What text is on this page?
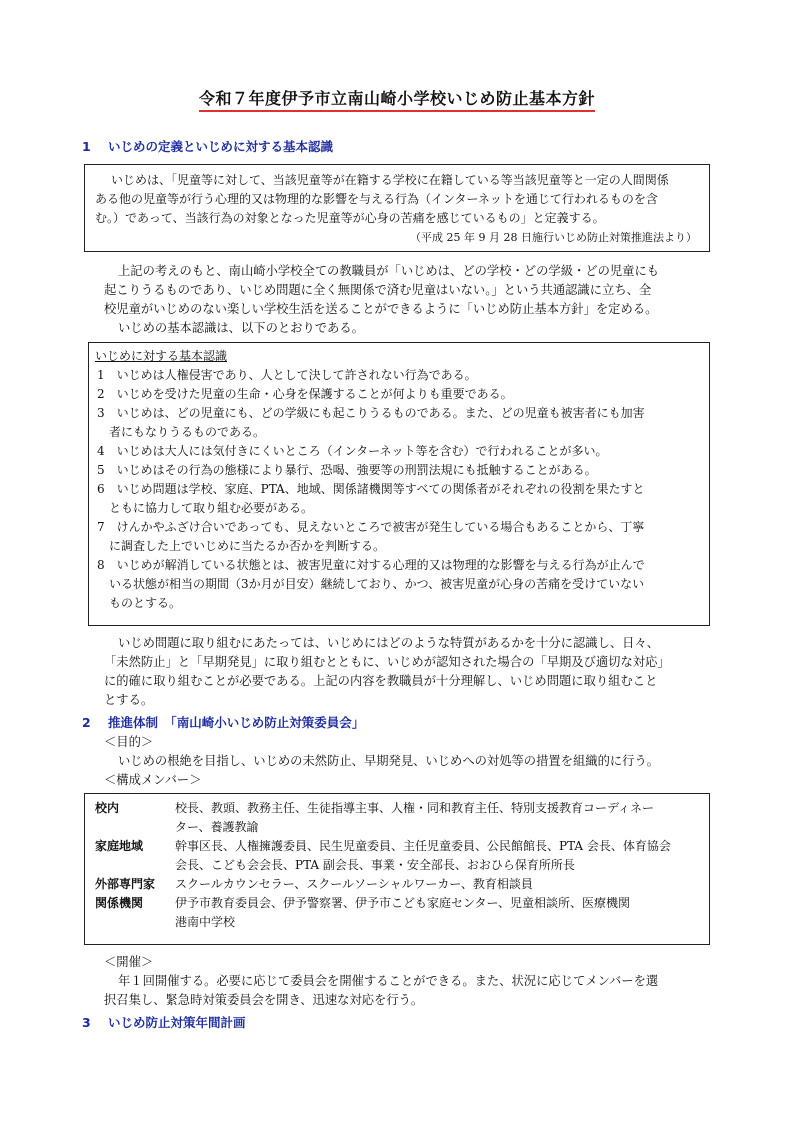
令和７年度伊予市立南山崎小学校いじめ防止基本方針
1 いじめの定義といじめに対する基本認識
いじめは、「児童等に対して、当該児童等が在籍する学校に在籍している等当該児童等と一定の人間関係
ある他の児童等が行う心理的又は物理的な影響を与える行為（インターネットを通じて行われるものを含
む。）であって、当該行為の対象となった児童等が心身の苦痛を感じているもの」と定義する。
（平成 25 年 9 月 28 日施行いじめ防止対策推進法より）
上記の考えのもと、南山崎小学校全ての教職員が「いじめは、どの学校・どの学級・どの児童にも
起こりうるものであり、いじめ問題に全く無関係で済む児童はいない。」という共通認識に立ち、全
校児童がいじめのない楽しい学校生活を送ることができるように「いじめ防止基本方針」を定める。
いじめの基本認識は、以下のとおりである。
いじめに対する基本認識
1　いじめは人権侵害であり、人として決して許されない行為である。
2　いじめを受けた児童の生命・心身を保護することが何よりも重要である。
3　いじめは、どの児童にも、どの学級にも起こりうるものである。また、どの児童も被害者にも加害
者にもなりうるものである。
4　いじめは大人には気付きにくいところ（インターネット等を含む）で行われることが多い。
5　いじめはその行為の態様により暴行、恐喝、強要等の刑罰法規にも抵触することがある。
6　いじめ問題は学校、家庭、PTA、地域、関係諸機関等すべての関係者がそれぞれの役割を果たすと
ともに協力して取り組む必要がある。
7　けんかやふざけ合いであっても、見えないところで被害が発生している場合もあることから、丁寧
に調査した上でいじめに当たるか否かを判断する。
8　いじめが解消している状態とは、被害児童に対する心理的又は物理的な影響を与える行為が止んで
いる状態が相当の期間（3か月が目安）継続しており、かつ、被害児童が心身の苦痛を受けていない
ものとする。
いじめ問題に取り組むにあたっては、いじめにはどのような特質があるかを十分に認識し、日々、
「未然防止」と「早期発見」に取り組むとともに、いじめが認知された場合の「早期及び適切な対応」
に的確に取り組むことが必要である。上記の内容を教職員が十分理解し、いじめ問題に取り組むこと
とする。
2 推進体制　「南山崎小いじめ防止対策委員会」
＜目的＞
いじめの根絶を目指し、いじめの未然防止、早期発見、いじめへの対処等の措置を組織的に行う。
＜構成メンバー＞
校内	校長、教頭、教務主任、生徒指導主事、人権・同和教育主任、特別支援教育コーディネー
ター、養護教諭
家庭地域	幹事区長、人権擁護委員、民生児童委員、主任児童委員、公民館館長、PTA 会長、体育協会
会長、こども会会長、PTA 副会長、事業・安全部長、おおひら保育所所長
外部専門家 スクールカウンセラー、スクールソーシャルワーカー、教育相談員
関係機関	伊予市教育委員会、伊予警察署、伊予市こども家庭センター、児童相談所、医療機関
港南中学校
＜開催＞
年１回開催する。必要に応じて委員会を開催することができる。また、状況に応じてメンバーを選
択召集し、緊急時対策委員会を開き、迅速な対応を行う。
3 いじめ防止対策年間計画
